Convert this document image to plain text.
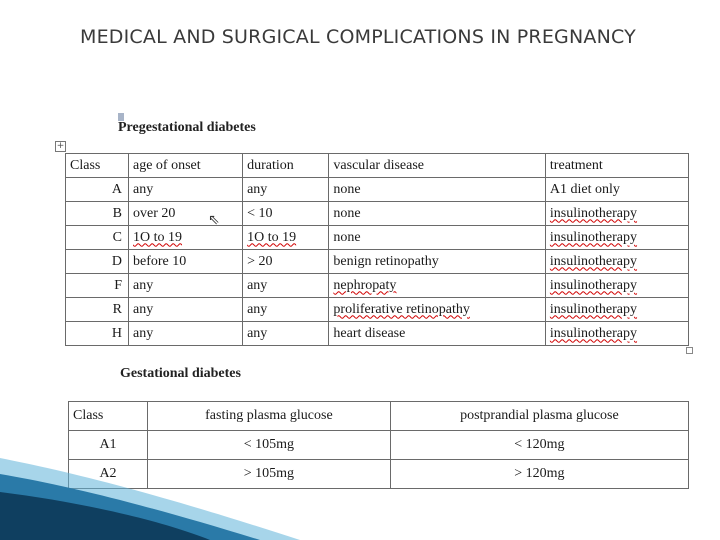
MEDICAL AND SURGICAL COMPLICATIONS IN PREGNANCY
Pregestational diabetes
+
Class	age of onset	duration	vascular disease	treatment
A	any	any	none	A1 diet only
B	over 20	< 10	none	insulinotherapy
C	1O to 19	1O to 19	none	insulinotherapy
D	before 10	> 20	benign retinopathy	insulinotherapy
F	any	any	nephropaty	insulinotherapy
R	any	any	proliferative retinopathy	insulinotherapy
H	any	any	heart disease	insulinotherapy
⇖
Gestational diabetes
Class	fasting plasma glucose	postprandial plasma glucose
A1	< 105mg	< 120mg
A2	> 105mg	> 120mg
